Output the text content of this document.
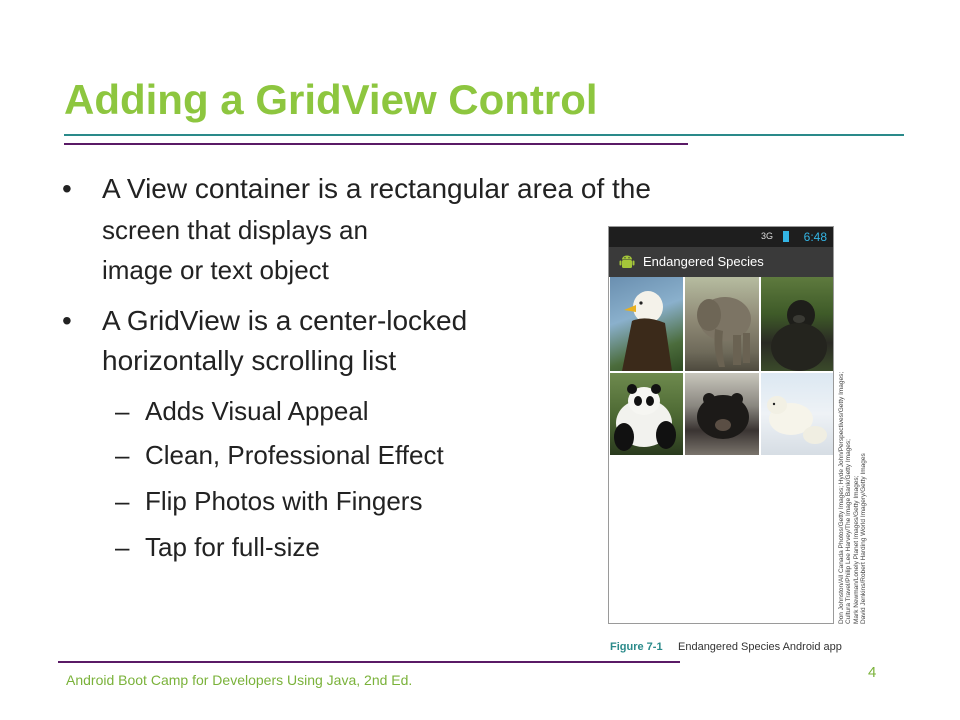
Adding a GridView Control
• A View container is a rectangular area of the
screen that displays an
image or text object
• A GridView is a center-locked
horizontally scrolling list
– Adds Visual Appeal
– Clean, Professional Effect
– Flip Photos with Fingers
– Tap for full-size
3G	6:48
Endangered Species
Don Johnston/All Canada Photos/Getty Images; Hyde John/Perspectives/Getty Images; Cultura Travel/Philip Lee Harvey/The Image Bank/Getty Images; Mark Newman/Lonely Planet Images/Getty Images; David Jenkins/Robert Harding World Imagery/Getty Images
Figure 7-1 Endangered Species Android app
Android Boot Camp for Developers Using Java, 2nd Ed.	4
